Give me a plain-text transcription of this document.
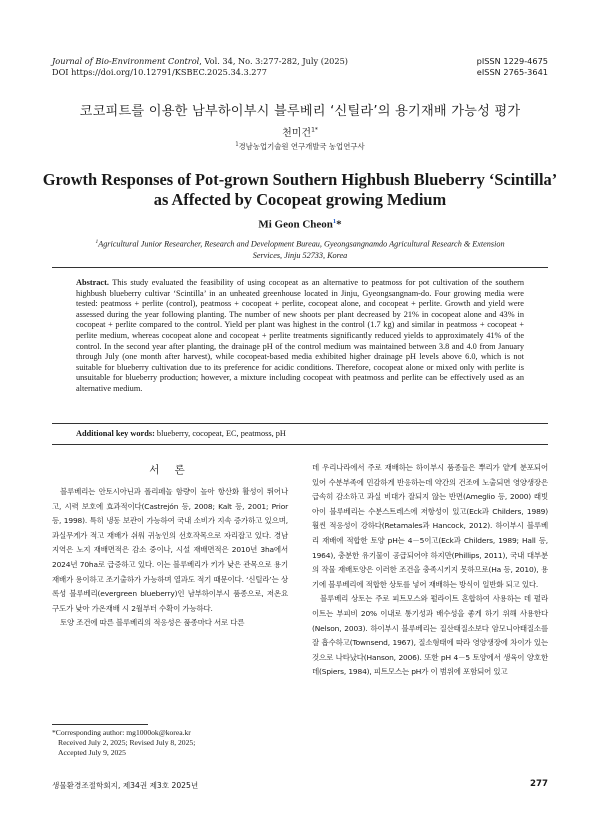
Journal of Bio-Environment Control, Vol. 34, No. 3:277-282, July (2025)
DOI https://doi.org/10.12791/KSBEC.2025.34.3.277
pISSN 1229-4675
eISSN 2765-3641
코코피트를 이용한 남부하이부시 블루베리 ‘신틸라’의 용기재배 가능성 평가
천미건$^{1*}$
$^1$경남농업기술원 연구개발국 농업연구사
Growth Responses of Pot-grown Southern Highbush Blueberry ‘Scintilla’
as Affected by Cocopeat growing Medium
Mi Geon Cheon$^1$*
$^1$Agricultural Junior Researcher, Research and Development Bureau, Gyeongsangnamdo Agricultural Research & Extension
Services, Jinju 52733, Korea
Abstract. This study evaluated the feasibility of using cocopeat as an alternative to peatmoss for pot cultivation of the southern highbush blueberry cultivar ‘Scintilla’ in an unheated greenhouse located in Jinju, Gyeongsangnam-do. Four growing media were tested: peatmoss + perlite (control), peatmoss + cocopeat + perlite, cocopeat alone, and cocopeat + perlite. Growth and yield were assessed during the year following planting. The number of new shoots per plant decreased by 21% in cocopeat alone and 43% in cocopeat + perlite compared to the control. Yield per plant was highest in the control (1.7 kg) and similar in peatmoss + cocopeat + perlite medium, whereas cocopeat alone and cocopeat + perlite treatments significantly reduced yields to approximately 41% of the control. In the second year after planting, the drainage pH of the control medium was maintained between 3.8 and 4.0 from January through July (one month after harvest), while cocopeat-based media exhibited higher drainage pH levels above 6.0, which is not suitable for blueberry cultivation due to its preference for acidic conditions. Therefore, cocopeat alone or mixed only with perlite is unsuitable for blueberry production; however, a mixture including cocopeat with peatmoss and perlite can be effectively used as an alternative medium.
Additional key words: blueberry, cocopeat, EC, peatmoss, pH
서 론

블루베리는 안토시아닌과 폴리페놀 함량이 높아 항산화 활성이 뛰어나고, 시력 보호에 효과적이다(Castrejón 등, 2008; Kalt 등, 2001; Prior 등, 1998). 특히 냉동 보관이 가능하여 국내 소비가 지속 증가하고 있으며, 과실무게가 적고 재배가 쉬워 귀농인의 선호작목으로 자리잡고 있다. 경남 지역은 노지 재배면적은 감소 중이나, 시설 재배면적은 2010년 3ha에서 2024년 70ha로 급증하고 있다. 이는 블루베리가 키가 낮은 관목으로 용기재배가 용이하고 조기출하가 가능하며 열과도 적기 때문이다. ‘신틸라’는 상록성 블루베리(evergreen blueberry)인 남부하이부시 품종으로, 저온요구도가 낮아 가온재배 시 2월부터 수확이 가능하다.

토양 조건에 따른 블루베리의 적응성은 품종마다 서로 다른

데 우리나라에서 주로 재배하는 하이부시 품종들은 뿌리가 얕게 분포되어 있어 수분부족에 민감하게 반응하는데 약간의 건조에 노출되면 영양생장은 급속히 감소하고 과실 비대가 잘되지 않는 반면(Ameglio 등, 2000) 래빗아이 블루베리는 수분스트레스에 저항성이 있고(Eck과 Childers, 1989) 훨씬 적응성이 강하다(Retamales과 Hancock, 2012). 하이부시 블루베리 재배에 적합한 토양 pH는 4－5이고(Eck과 Childers, 1989; Hall 등, 1964), 충분한 유기물이 공급되어야 하지만(Phillips, 2011), 국내 대부분의 작물 재배토양은 이러한 조건을 충족시키지 못하므로(Ha 등, 2010), 용기에 블루베리에 적합한 상토를 넣어 재배하는 방식이 일반화 되고 있다.

블루베리 상토는 주로 피트모스와 펄라이트 혼합하여 사용하는 데 펄라이트는 부피비 20% 이내로 통기성과 배수성을 좋게 하기 위해 사용한다(Nelson, 2003). 하이부시 블루베리는 질산태질소보다 암모니아태질소를 잘 흡수하고(Townsend, 1967), 질소형태에 따라 영양생장에 차이가 있는 것으로 나타났다(Hanson, 2006). 또한 pH 4－5 토양에서 생육이 양호한데(Spiers, 1984), 피트모스는 pH가 이 범위에 포함되어 있고

*Corresponding author: mg1000ok@korea.kr
Received July 2, 2025; Revised July 8, 2025;
Accepted July 9, 2025
생물환경조절학회지, 제34권 제3호 2025년	277
